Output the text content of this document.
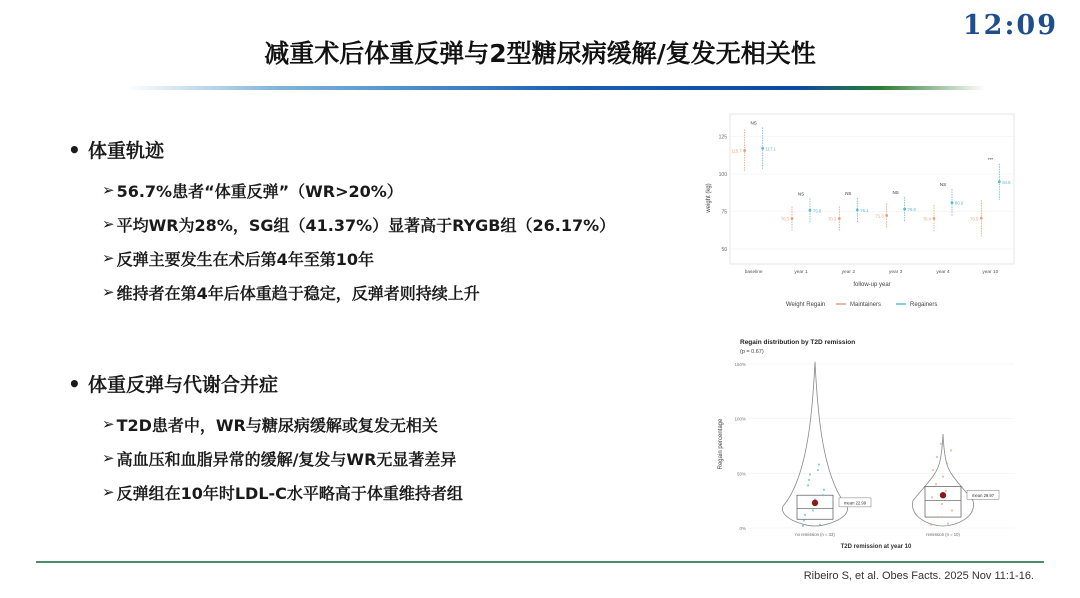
12:09
减重术后体重反弹与2型糖尿病缓解/复发无相关性
• 体重轨迹
➢ 56.7%患者“体重反弹”（WR>20%）
➢ 平均WR为28%，SG组（41.37%）显著高于RYGB组（26.17%）
➢ 反弹主要发生在术后第4年至第10年
➢ 维持者在第4年后体重趋于稳定，反弹者则持续上升
• 体重反弹与代谢合并症
➢ T2D患者中，WR与糖尿病缓解或复发无相关
➢ 高血压和血脂异常的缓解/复发与WR无显著差异
➢ 反弹组在10年时LDL-C水平略高于体重维持者组
50
75
100
125
baseline	year 1	year 2	year 3	year 4	year 10
115.7	117.1
NS
70.3
75.8
NS
70.3
76.1
NS
71.3
76.6
NS
70.4
80.9
NS
70.5
94.8
***
weight (kg)
follow-up year
Weight Regain	Maintainers	Regainers
Regain distribution by T2D remission
(p = 0.67)
0%
50%
100%
150%
mean 22.99
no remission (n = 33)
mean 29.97
remission (n = 10)
Regain percentage
T2D remission at year 10
Ribeiro S, et al. Obes Facts. 2025 Nov 11:1-16.
